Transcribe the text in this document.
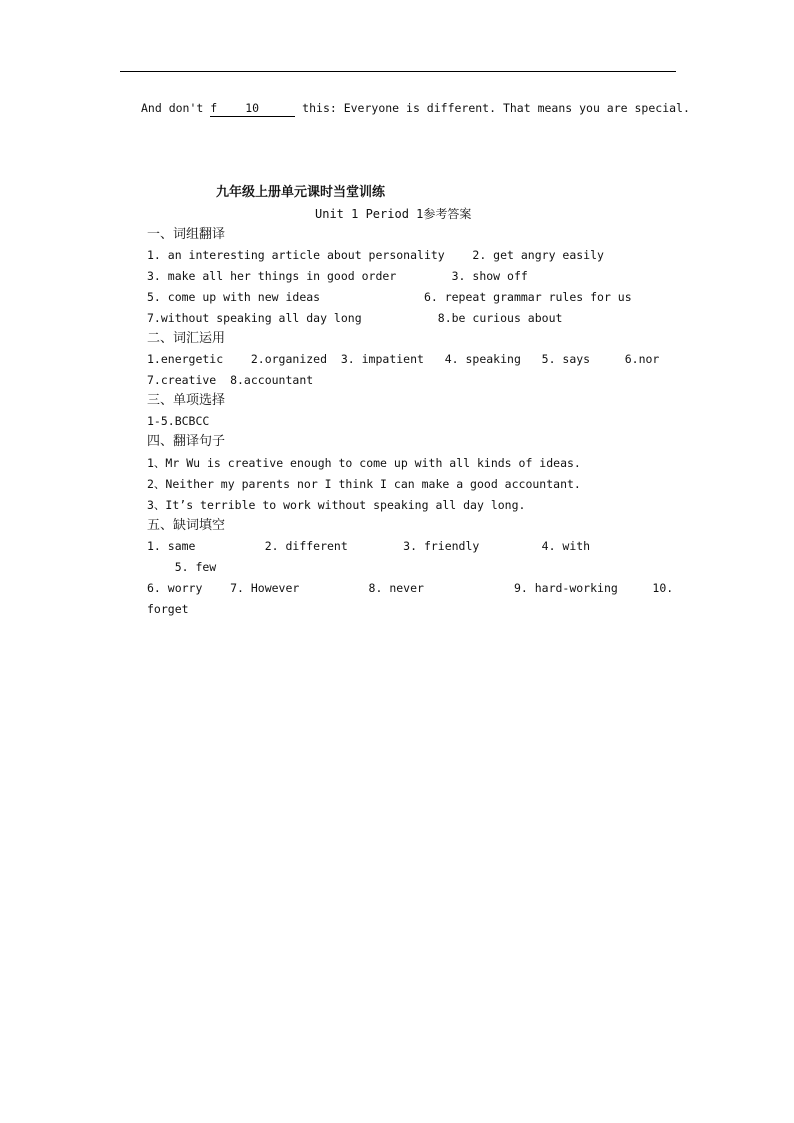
And don't f 10	this: Everyone is different. That means you are special.
九年级上册单元课时当堂训练
Unit 1 Period 1参考答案
一、词组翻译
1. an interesting article about personality    2. get angry easily
3. make all her things in good order        3. show off
5. come up with new ideas               6. repeat grammar rules for us
7.without speaking all day long           8.be curious about
二、词汇运用
1.energetic    2.organized  3. impatient   4. speaking   5. says     6.nor
7.creative  8.accountant
三、单项选择
1-5.BCBCC
四、翻译句子
1、Mr Wu is creative enough to come up with all kinds of ideas.
2、Neither my parents nor I think I can make a good accountant.
3、It’s terrible to work without speaking all day long.
五、缺词填空
1. same          2. different        3. friendly         4. with
5. few
6. worry    7. However          8. never             9. hard-working     10.
forget
